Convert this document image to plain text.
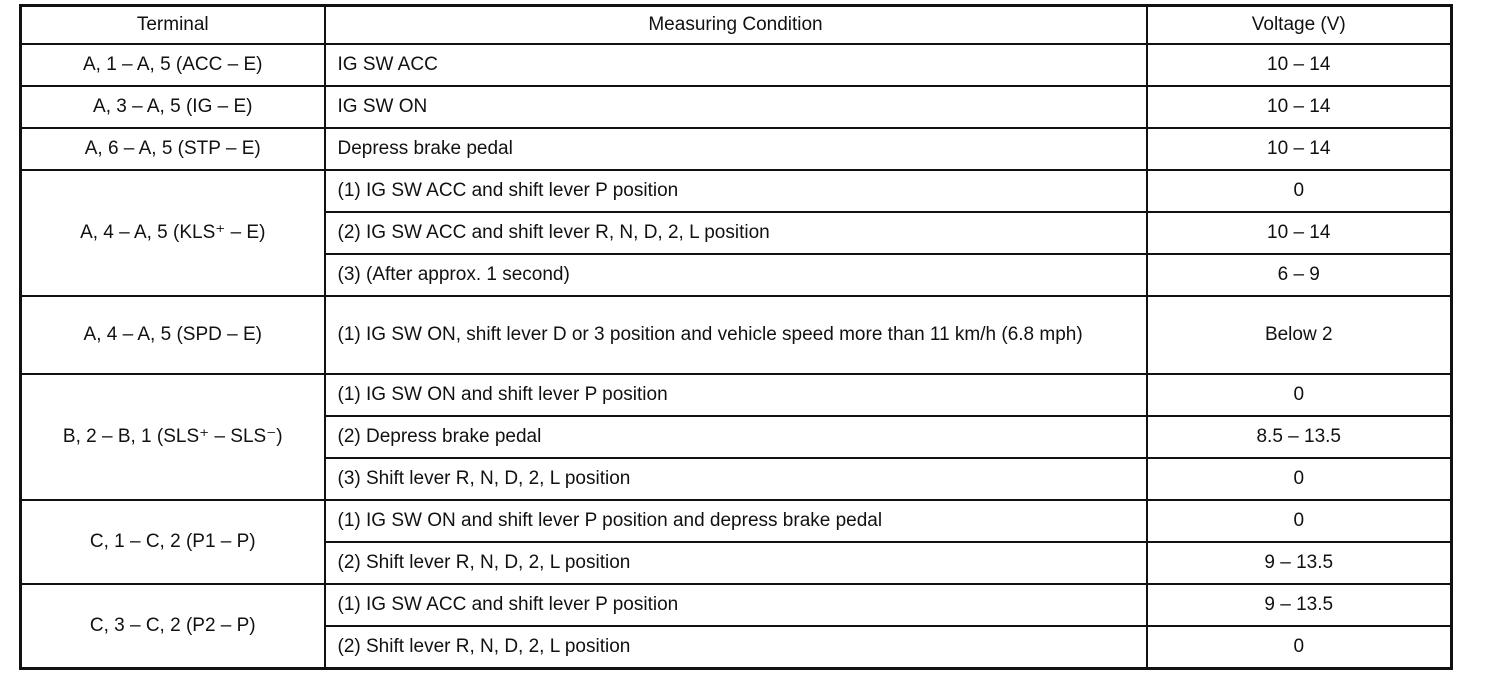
Terminal	Measuring Condition	Voltage (V)
A, 1 – A, 5 (ACC – E)	IG SW ACC	10 – 14
A, 3 – A, 5 (IG – E)	IG SW ON	10 – 14
A, 6 – A, 5 (STP – E)	Depress brake pedal	10 – 14
A, 4 – A, 5 (KLS⁺ – E)	(1) IG SW ACC and shift lever P position	0
	(2) IG SW ACC and shift lever R, N, D, 2, L position	10 – 14
	(3) (After approx. 1 second)	6 – 9
A, 4 – A, 5 (SPD – E)	(1) IG SW ON, shift lever D or 3 position and vehicle speed more than 11 km/h (6.8 mph)	Below 2
B, 2 – B, 1 (SLS⁺ – SLS⁻)	(1) IG SW ON and shift lever P position	0
	(2) Depress brake pedal	8.5 – 13.5
	(3) Shift lever R, N, D, 2, L position	0
C, 1 – C, 2 (P1 – P)	(1) IG SW ON and shift lever P position and depress brake pedal	0
	(2) Shift lever R, N, D, 2, L position	9 – 13.5
C, 3 – C, 2 (P2 – P)	(1) IG SW ACC and shift lever P position	9 – 13.5
	(2) Shift lever R, N, D, 2, L position	0
